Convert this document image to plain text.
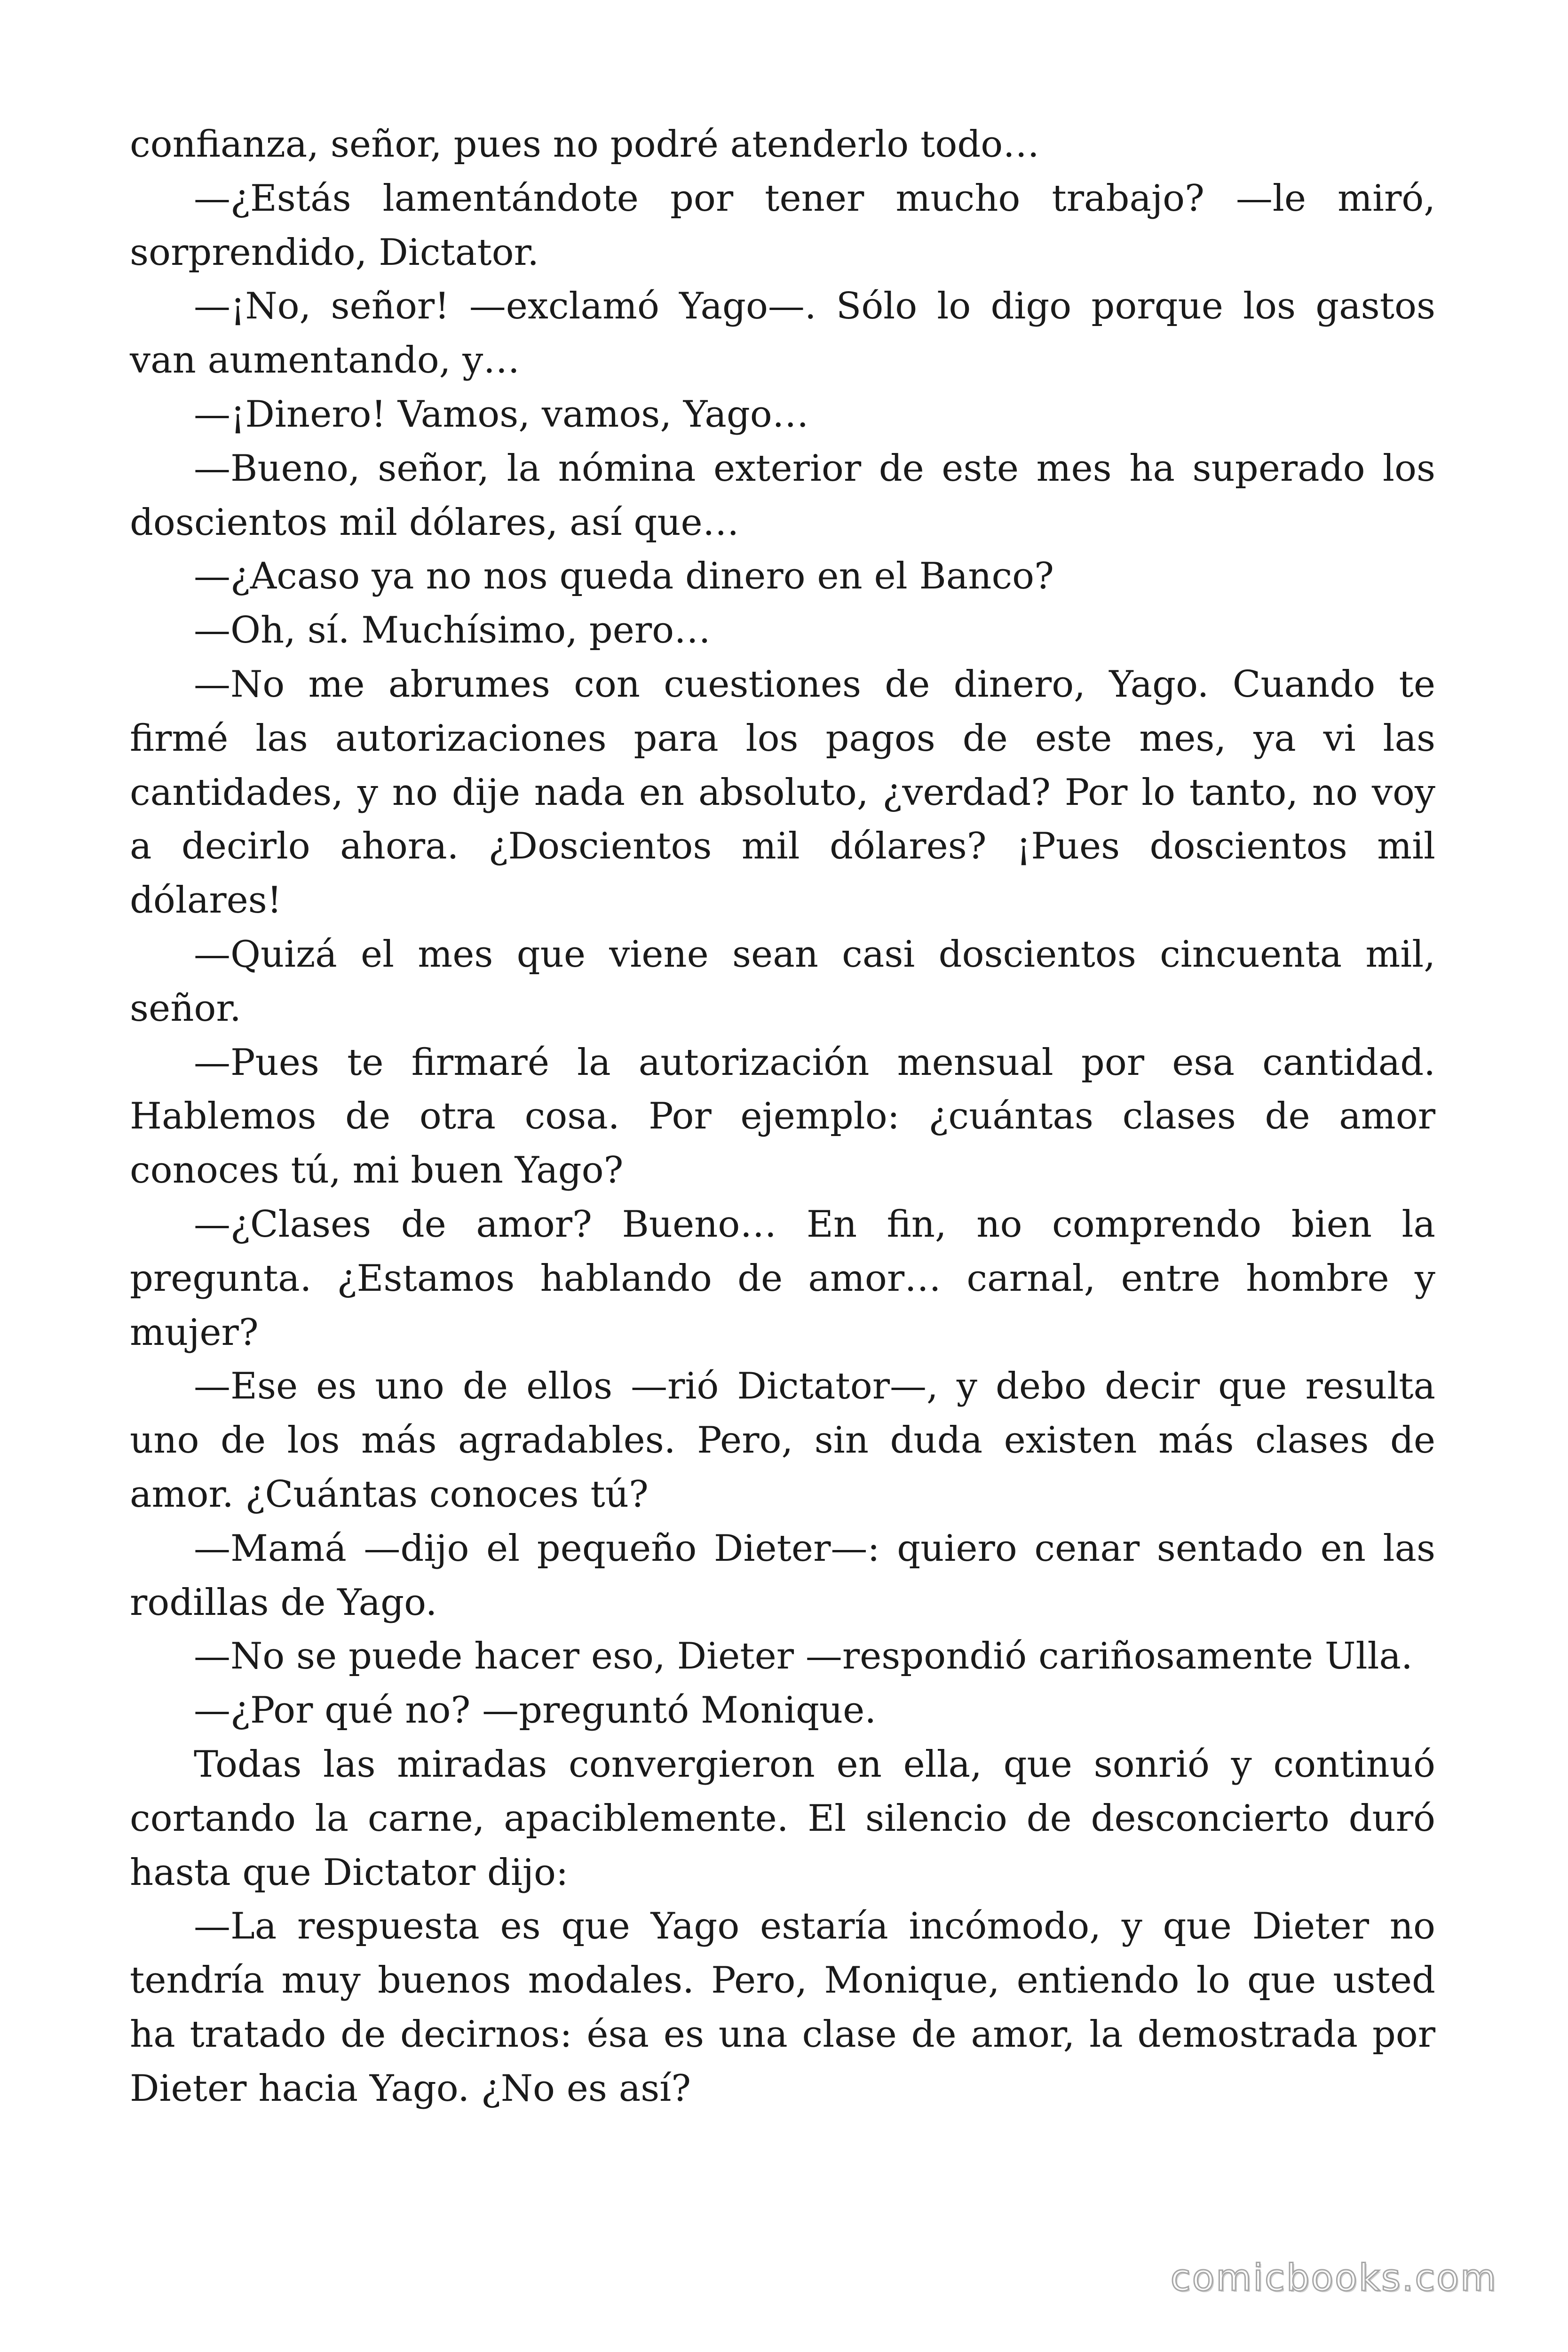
confianza, señor, pues no podré atenderlo todo…

—¿Estás lamentándote por tener mucho trabajo? —le miró, sorprendido, Dictator.

—¡No, señor! —exclamó Yago—. Sólo lo digo porque los gastos van aumentando, y…

—¡Dinero! Vamos, vamos, Yago…

—Bueno, señor, la nómina exterior de este mes ha superado los doscientos mil dólares, así que…

—¿Acaso ya no nos queda dinero en el Banco?

—Oh, sí. Muchísimo, pero…

—No me abrumes con cuestiones de dinero, Yago. Cuando te firmé las autorizaciones para los pagos de este mes, ya vi las cantidades, y no dije nada en absoluto, ¿verdad? Por lo tanto, no voy a decirlo ahora. ¿Doscientos mil dólares? ¡Pues doscientos mil dólares!

—Quizá el mes que viene sean casi doscientos cincuenta mil, señor.

—Pues te firmaré la autorización mensual por esa cantidad. Hablemos de otra cosa. Por ejemplo: ¿cuántas clases de amor conoces tú, mi buen Yago?

—¿Clases de amor? Bueno… En fin, no comprendo bien la pregunta. ¿Estamos hablando de amor… carnal, entre hombre y mujer?

—Ese es uno de ellos —rió Dictator—, y debo decir que resulta uno de los más agradables. Pero, sin duda existen más clases de amor. ¿Cuántas conoces tú?

—Mamá —dijo el pequeño Dieter—: quiero cenar sentado en las rodillas de Yago.

—No se puede hacer eso, Dieter —respondió cariñosamente Ulla.

—¿Por qué no? —preguntó Monique.

Todas las miradas convergieron en ella, que sonrió y continuó cortando la carne, apaciblemente. El silencio de desconcierto duró hasta que Dictator dijo:

—La respuesta es que Yago estaría incómodo, y que Dieter no tendría muy buenos modales. Pero, Monique, entiendo lo que usted ha tratado de decirnos: ésa es una clase de amor, la demostrada por Dieter hacia Yago. ¿No es así?

comicbooks.com
